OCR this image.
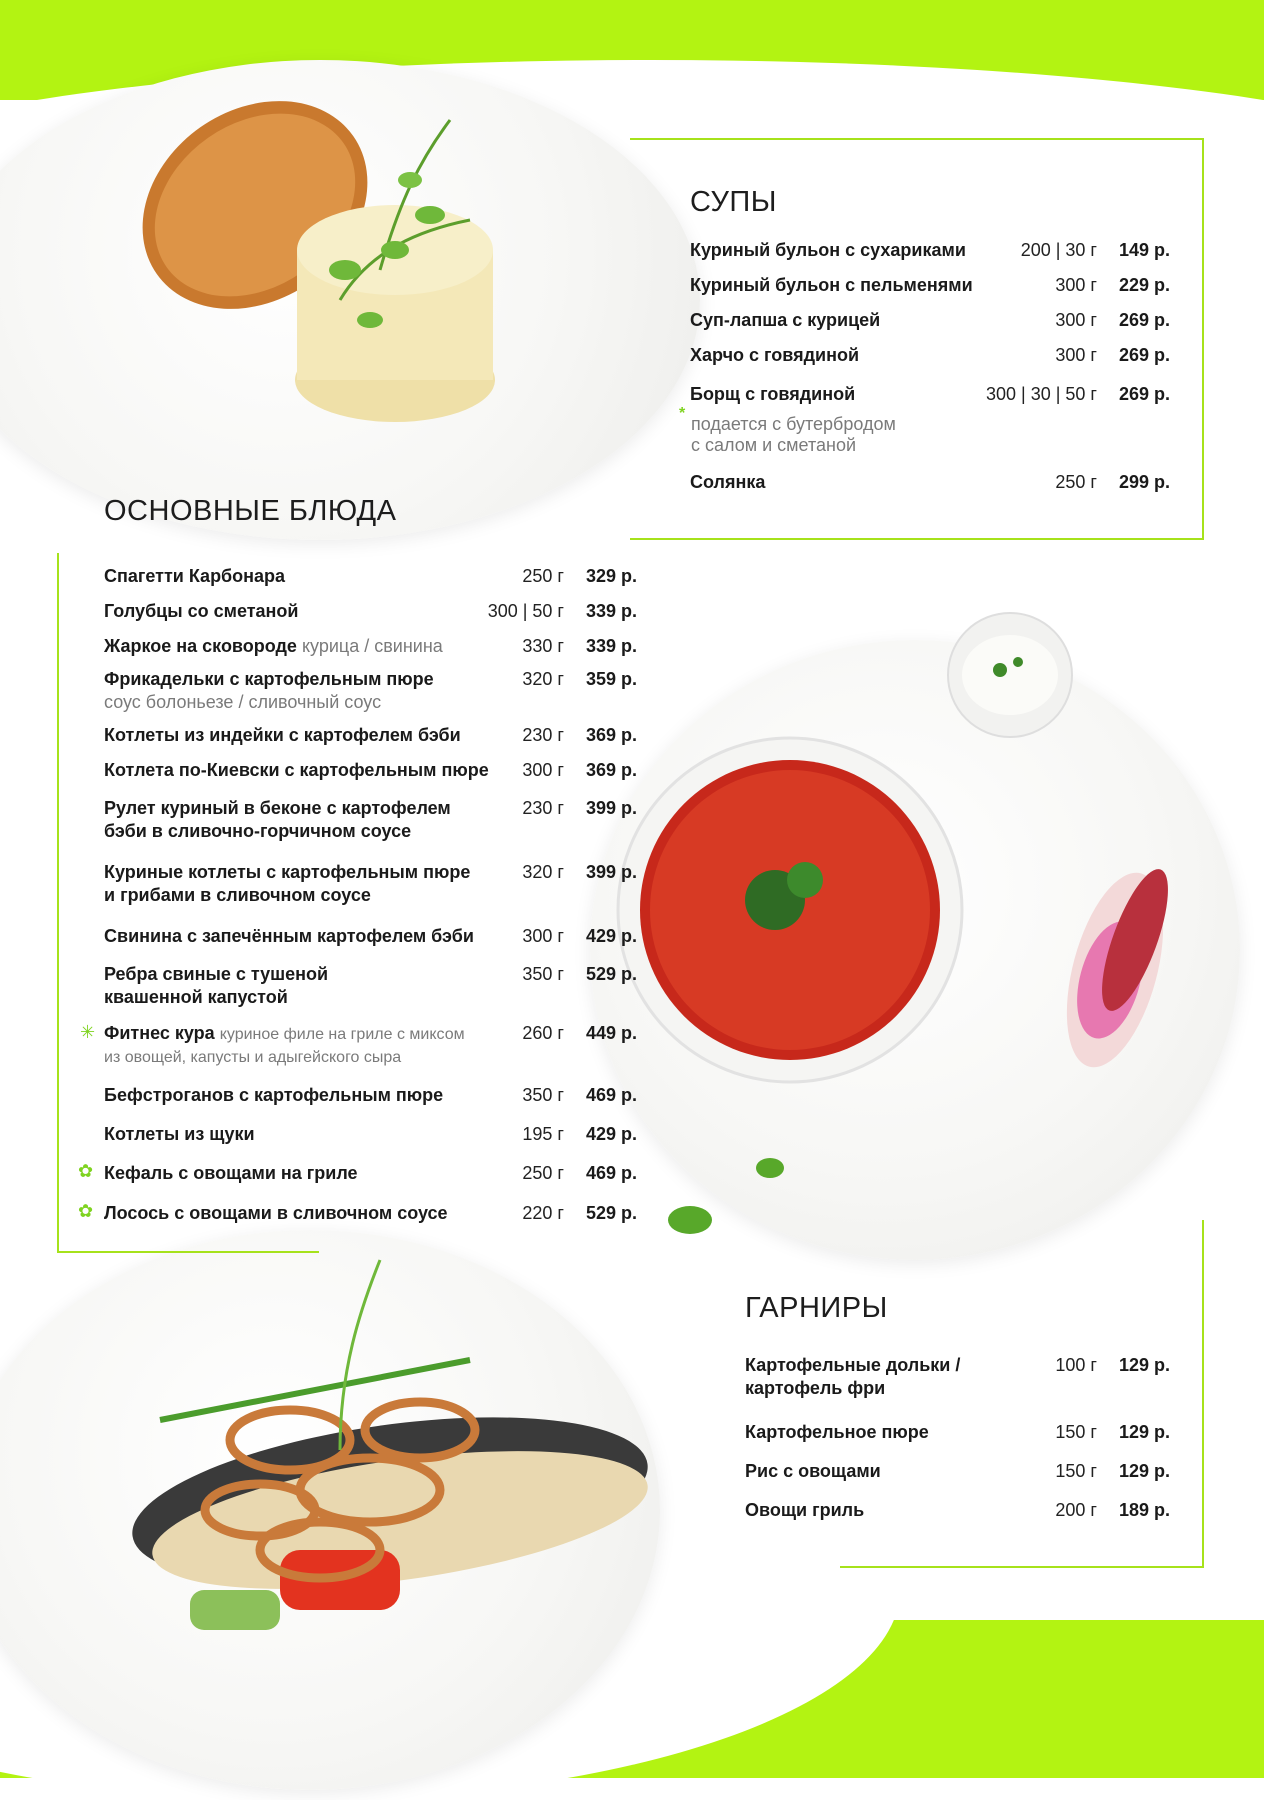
СУПЫ
Куриный бульон с сухариками	200 | 30 г 149 р.
Куриный бульон с пельменями	300 г 229 р.
Суп-лапша с курицей	300 г 269 р.
Харчо с говядиной	300 г 269 р.
*
Борщ с говядиной	300 | 30 | 50 г 269 р.
подается с бутербродом
с салом и сметаной
Солянка	250 г 299 р.
ОСНОВНЫЕ БЛЮДА
Спагетти Карбонара	250 г 329 р.
Голубцы со сметаной	300 | 50 г 339 р.
Жаркое на сковороде курица / свинина	330 г 339 р.
Фрикадельки с картофельным пюре
соус болоньезе / сливочный соус
320 г 359 р.
Котлеты из индейки с картофелем бэби	230 г 369 р.
Котлета по-Киевски с картофельным пюре 300 г 369 р.
Рулет куриный в беконе с картофелем
бэби в сливочно-горчичном соусе
230 г 399 р.
Куриные котлеты с картофельным пюре
и грибами в сливочном соусе
320 г 399 р.
Свинина с запечённым картофелем бэби	300 г 429 р.
Ребра свиные с тушеной
квашенной капустой
350 г 529 р.
✳ Фитнес кура куриное филе на гриле с миксом
из овощей, капусты и адыгейского сыра
260 г 449 р.
Бефстроганов с картофельным пюре	350 г 469 р.
Котлеты из щуки	195 г 429 р.
✿ Кефаль с овощами на гриле	250 г 469 р.
✿ Лосось с овощами в сливочном соусе	220 г 529 р.
ГАРНИРЫ
Картофельные дольки /
картофель фри
100 г 129 р.
Картофельное пюре	150 г 129 р.
Рис с овощами	150 г 129 р.
Овощи гриль	200 г 189 р.
